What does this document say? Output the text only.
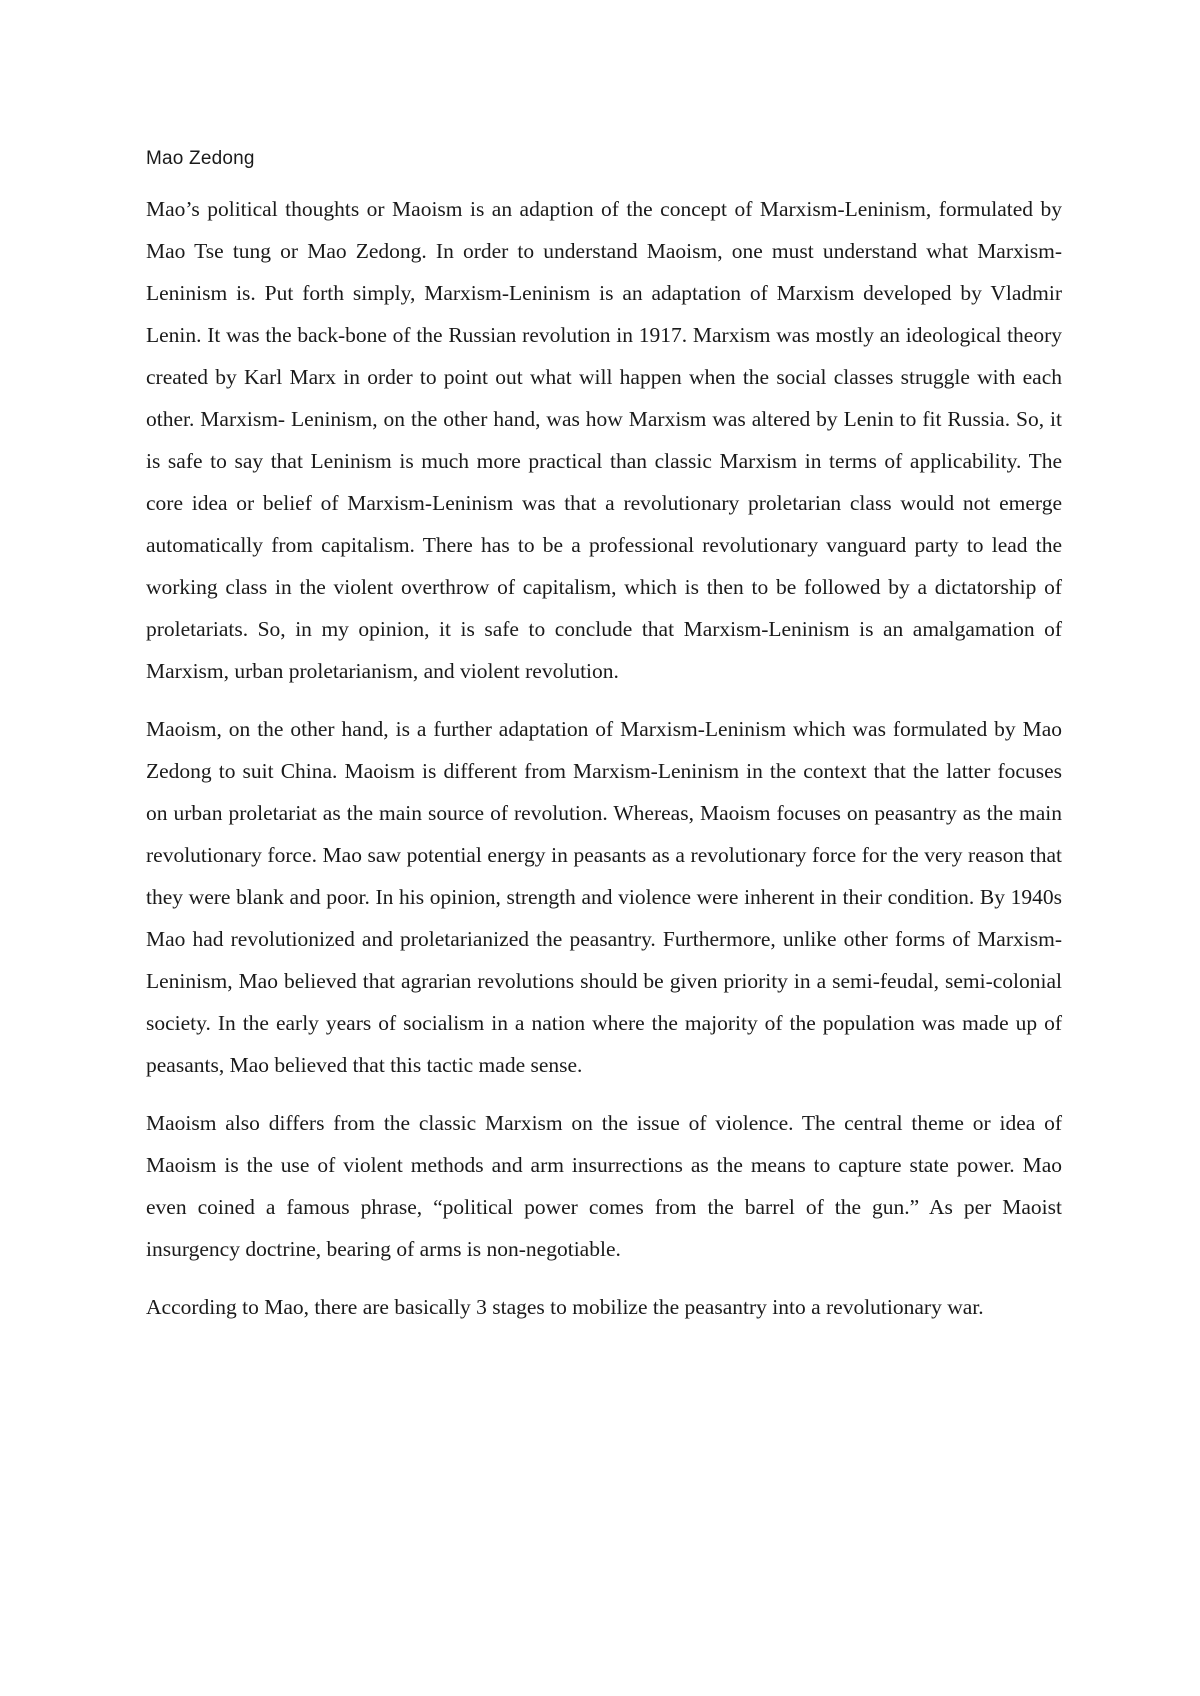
Mao Zedong

Mao’s political thoughts or Maoism is an adaption of the concept of Marxism-Leninism, formulated by Mao Tse tung or Mao Zedong. In order to understand Maoism, one must understand what Marxism-Leninism is. Put forth simply, Marxism-Leninism is an adaptation of Marxism developed by Vladmir Lenin. It was the back-bone of the Russian revolution in 1917. Marxism was mostly an ideological theory created by Karl Marx in order to point out what will happen when the social classes struggle with each other. Marxism- Leninism, on the other hand, was how Marxism was altered by Lenin to fit Russia. So, it is safe to say that Leninism is much more practical than classic Marxism in terms of applicability. The core idea or belief of Marxism-Leninism was that a revolutionary proletarian class would not emerge automatically from capitalism. There has to be a professional revolutionary vanguard party to lead the working class in the violent overthrow of capitalism, which is then to be followed by a dictatorship of proletariats. So, in my opinion, it is safe to conclude that Marxism-Leninism is an amalgamation of Marxism, urban proletarianism, and violent revolution.

Maoism, on the other hand, is a further adaptation of Marxism-Leninism which was formulated by Mao Zedong to suit China. Maoism is different from Marxism-Leninism in the context that the latter focuses on urban proletariat as the main source of revolution. Whereas, Maoism focuses on peasantry as the main revolutionary force. Mao saw potential energy in peasants as a revolutionary force for the very reason that they were blank and poor. In his opinion, strength and violence were inherent in their condition. By 1940s Mao had revolutionized and proletarianized the peasantry. Furthermore, unlike other forms of Marxism-Leninism, Mao believed that agrarian revolutions should be given priority in a semi-feudal, semi-colonial society. In the early years of socialism in a nation where the majority of the population was made up of peasants, Mao believed that this tactic made sense.

Maoism also differs from the classic Marxism on the issue of violence. The central theme or idea of Maoism is the use of violent methods and arm insurrections as the means to capture state power. Mao even coined a famous phrase, “political power comes from the barrel of the gun.” As per Maoist insurgency doctrine, bearing of arms is non-negotiable.

According to Mao, there are basically 3 stages to mobilize the peasantry into a revolutionary war.
